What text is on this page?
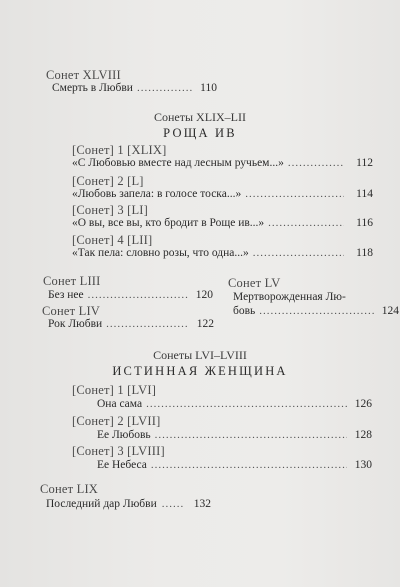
Сонет XLVIII
Смерть в Любви .....	110
Сонеты XLIX–LII
РОЩА ИВ
[Сонет] 1 [XLIX]
«С Любовью вместе над лесным ручьем...» .....	112
[Сонет] 2 [L]
«Любовь запела: в голосе тоска...» .....	114
[Сонет] 3 [LI]
«О вы, все вы, кто бродит в Роще ив...» .....	116
[Сонет] 4 [LII]
«Так пела: словно розы, что одна...» .....	118
Сонет LIII
Без нее .....	120
Сонет LIV
Рок Любви .....	122
Сонет LV
Мертворожденная Лю-
бовь .....	124
Сонеты LVI–LVIII
ИСТИННАЯ ЖЕНЩИНА
[Сонет] 1 [LVI]
Она сама .....	126
[Сонет] 2 [LVII]
Ее Любовь .....	128
[Сонет] 3 [LVIII]
Ее Небеса .....	130
Сонет LIX
Последний дар Любви .....	132
